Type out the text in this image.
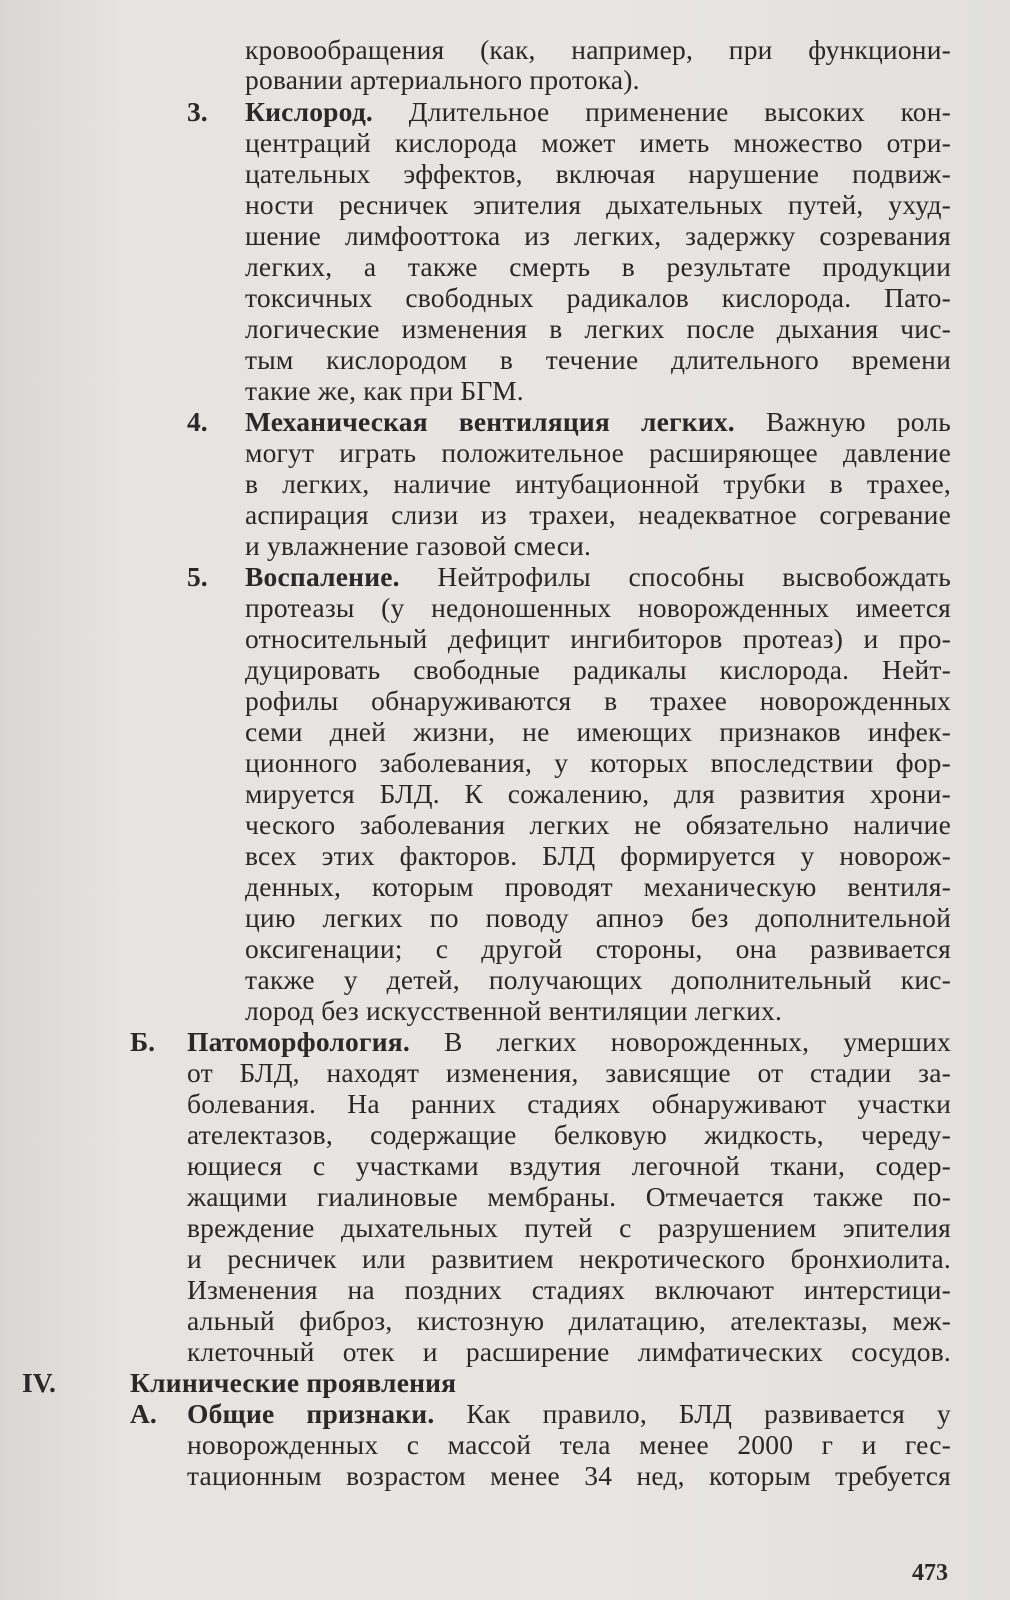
кровообращения (как, например, при функциони-
ровании артериального протока).
3. Кислород. Длительное применение высоких кон-
центраций кислорода может иметь множество отри-
цательных эффектов, включая нарушение подвиж-
ности ресничек эпителия дыхательных путей, ухуд-
шение лимфооттока из легких, задержку созревания
легких, а также смерть в результате продукции
токсичных свободных радикалов кислорода. Пато-
логические изменения в легких после дыхания чис-
тым кислородом в течение длительного времени
такие же, как при БГМ.
4. Механическая вентиляция легких. Важную роль
могут играть положительное расширяющее давление
в легких, наличие интубационной трубки в трахее,
аспирация слизи из трахеи, неадекватное согревание
и увлажнение газовой смеси.
5. Воспаление. Нейтрофилы способны высвобождать
протеазы (у недоношенных новорожденных имеется
относительный дефицит ингибиторов протеаз) и про-
дуцировать свободные радикалы кислорода. Нейт-
рофилы обнаруживаются в трахее новорожденных
семи дней жизни, не имеющих признаков инфек-
ционного заболевания, у которых впоследствии фор-
мируется БЛД. К сожалению, для развития хрони-
ческого заболевания легких не обязательно наличие
всех этих факторов. БЛД формируется у новорож-
денных, которым проводят механическую вентиля-
цию легких по поводу апноэ без дополнительной
оксигенации; с другой стороны, она развивается
также у детей, получающих дополнительный кис-
лород без искусственной вентиляции легких.
Б. Патоморфология. В легких новорожденных, умерших
от БЛД, находят изменения, зависящие от стадии за-
болевания. На ранних стадиях обнаруживают участки
ателектазов, содержащие белковую жидкость, череду-
ющиеся с участками вздутия легочной ткани, содер-
жащими гиалиновые мембраны. Отмечается также по-
вреждение дыхательных путей с разрушением эпителия
и ресничек или развитием некротического бронхиолита.
Изменения на поздних стадиях включают интерстици-
альный фиброз, кистозную дилатацию, ателектазы, меж-
клеточный отек и расширение лимфатических сосудов.
IV.	Клинические проявления
А. Общие признаки. Как правило, БЛД развивается у
новорожденных с массой тела менее 2000 г и гес-
тационным возрастом менее 34 нед, которым требуется
473
